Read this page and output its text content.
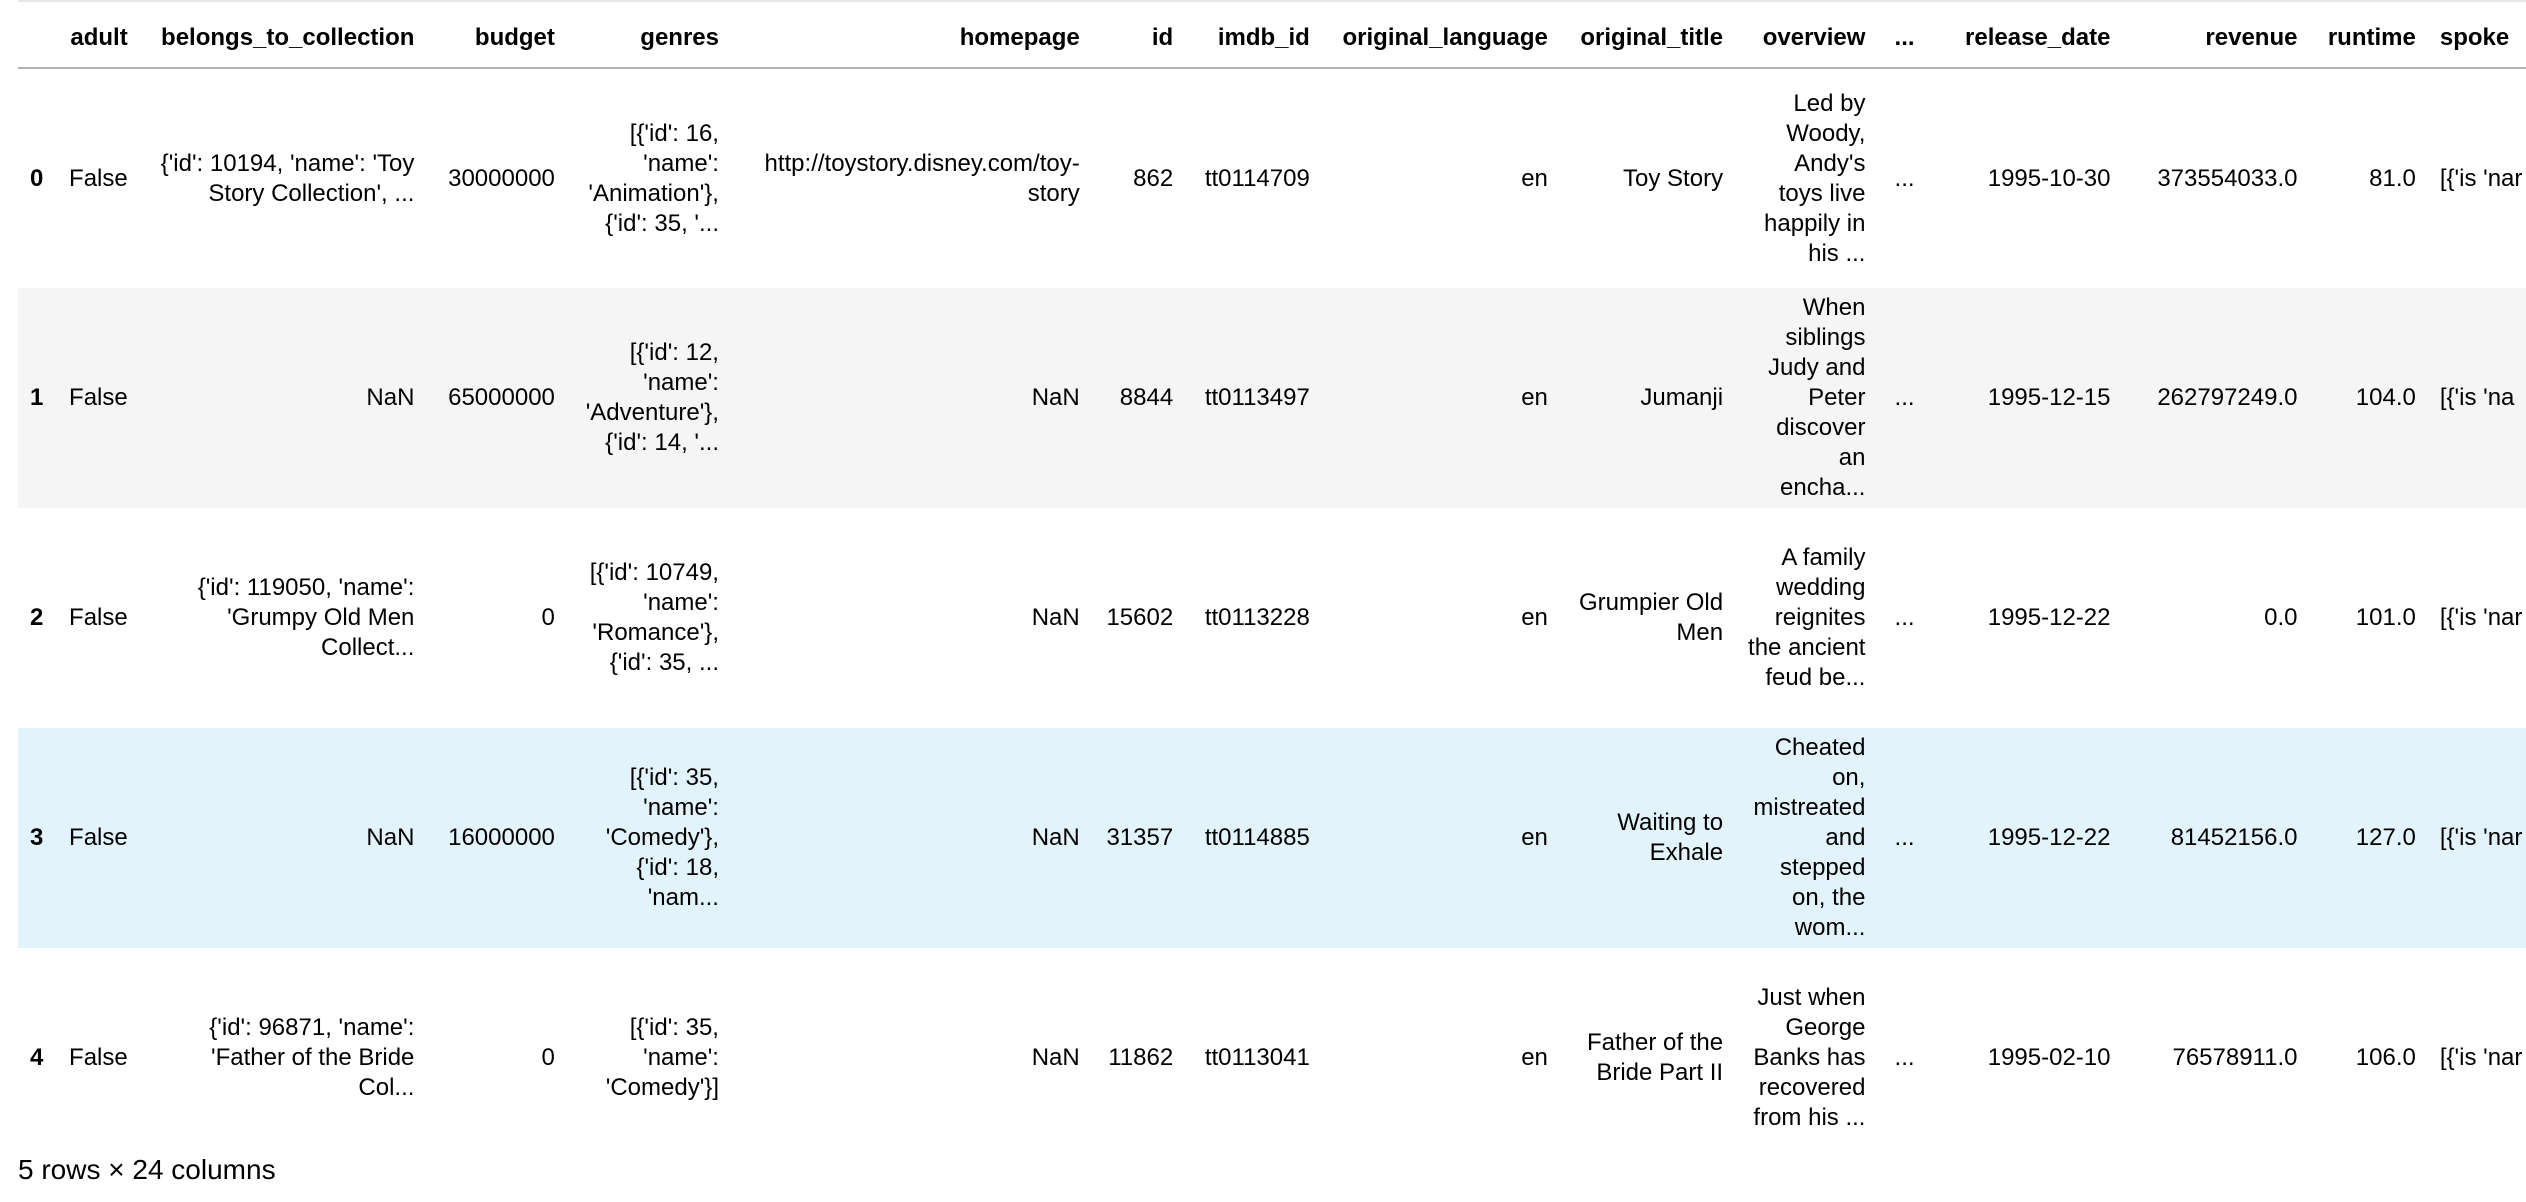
	adult	belongs_to_collection	budget	genres	homepage	id	imdb_id	original_language	original_title	overview	...	release_date	revenue	runtime	spoke
0	False	{'id': 10194, 'name': 'Toy Story Collection', ...	30000000	[{'id': 16, 'name': 'Animation'}, {'id': 35, '...	http://toystory.disney.com/toy-story	862	tt0114709	en	Toy Story	Led by Woody, Andy's toys live happily in his ...	...	1995-10-30	373554033.0	81.0	[{'is 'nar
1	False	NaN	65000000	[{'id': 12, 'name': 'Adventure'}, {'id': 14, '...	NaN	8844	tt0113497	en	Jumanji	When siblings Judy and Peter discover an encha...	...	1995-12-15	262797249.0	104.0	[{'is 'na
2	False	{'id': 119050, 'name': 'Grumpy Old Men Collect...	0	[{'id': 10749, 'name': 'Romance'}, {'id': 35, ...	NaN	15602	tt0113228	en	Grumpier Old Men	A family wedding reignites the ancient feud be...	...	1995-12-22	0.0	101.0	[{'is 'nar
3	False	NaN	16000000	[{'id': 35, 'name': 'Comedy'}, {'id': 18, 'nam...	NaN	31357	tt0114885	en	Waiting to Exhale	Cheated on, mistreated and stepped on, the wom...	...	1995-12-22	81452156.0	127.0	[{'is 'nar
4	False	{'id': 96871, 'name': 'Father of the Bride Col...	0	[{'id': 35, 'name': 'Comedy'}]	NaN	11862	tt0113041	en	Father of the Bride Part II	Just when George Banks has recovered from his ...	...	1995-02-10	76578911.0	106.0	[{'is 'nar
5 rows × 24 columns
